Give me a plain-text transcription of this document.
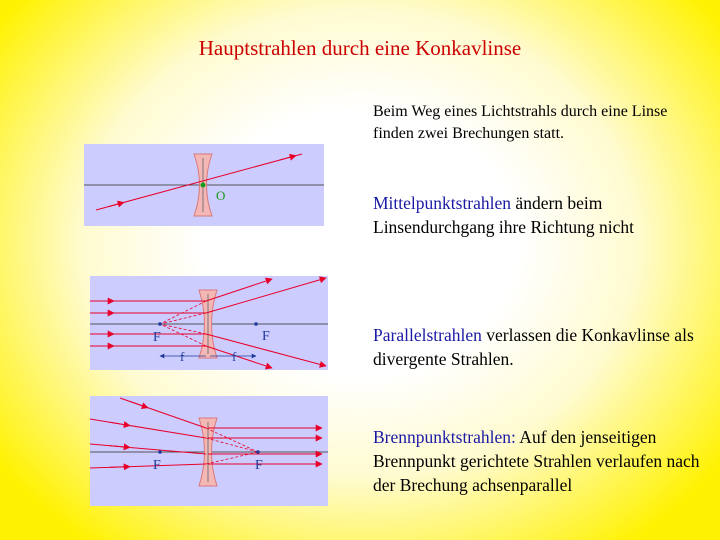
Hauptstrahlen durch eine Konkavlinse
Beim Weg eines Lichtstrahls durch eine Linse finden zwei Brechungen statt.
Mittelpunktstrahlen ändern beim Linsendurchgang ihre Richtung nicht
Parallelstrahlen verlassen die Konkavlinse als divergente Strahlen.
Brennpunktstrahlen: Auf den jenseitigen Brennpunkt gerichtete Strahlen verlaufen nach der Brechung achsenparallel
O
F	F
f	f
F	F
